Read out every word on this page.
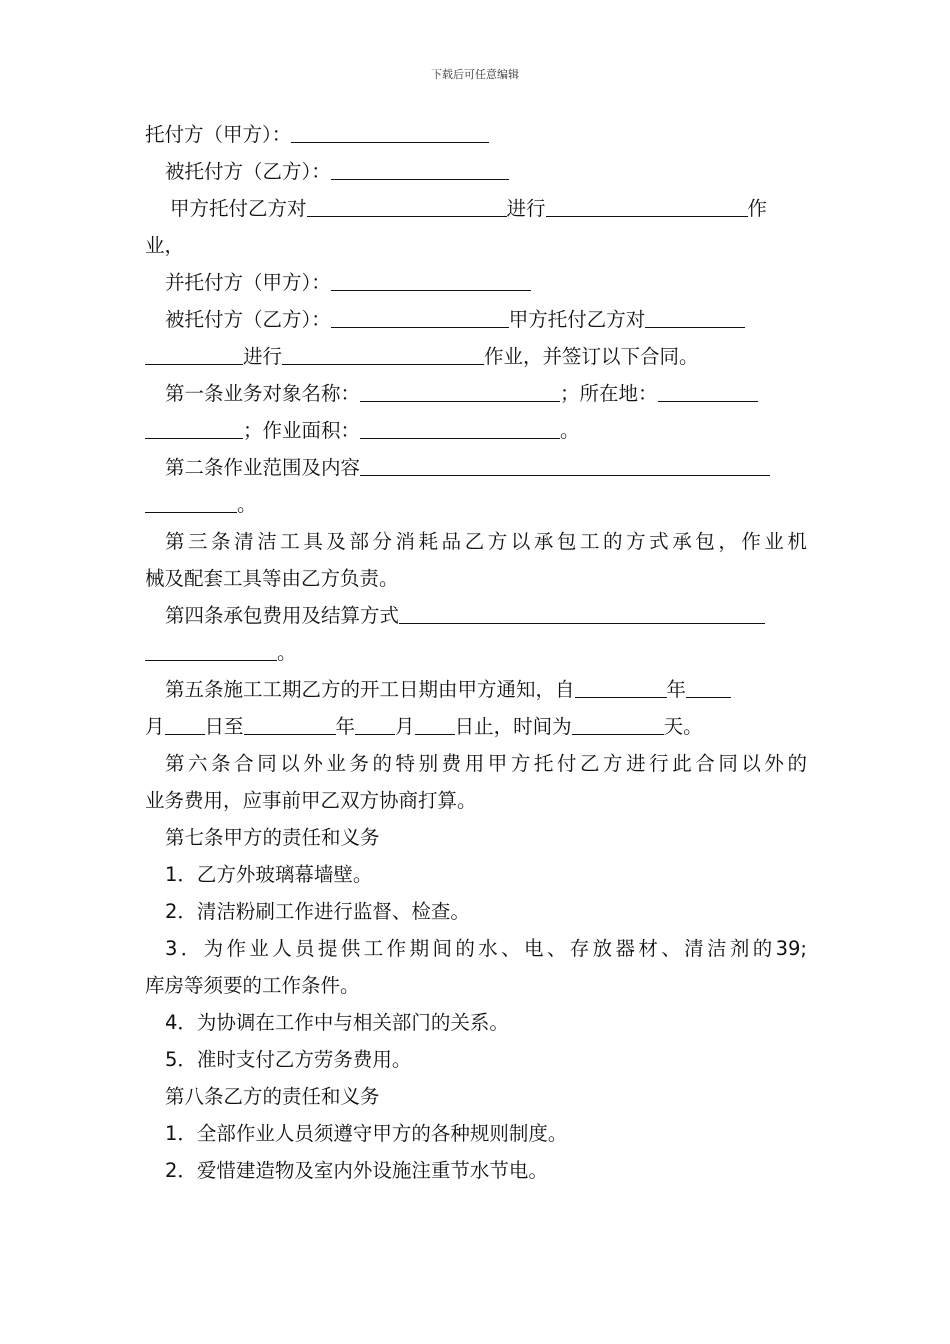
下载后可任意编辑
托付方（甲方）：
被托付方（乙方）：
甲方托付乙方对	进行	作
业，
并托付方（甲方）：
被托付方（乙方）：	甲方托付乙方对
进行	作业，并签订以下合同。
第一条业务对象名称：	；所在地：
；作业面积：	。
第二条作业范围及内容
。
第三条清洁工具及部分消耗品乙方以承包工的方式承包，作业机
械及配套工具等由乙方负责。
第四条承包费用及结算方式
。
第五条施工工期乙方的开工日期由甲方通知，自	年
月 日至	年 月 日止，时间为	天。
第六条合同以外业务的特别费用甲方托付乙方进行此合同以外的
业务费用，应事前甲乙双方协商打算。
第七条甲方的责任和义务
1．乙方外玻璃幕墙壁。
2．清洁粉刷工作进行监督、检查。
3．为作业人员提供工作期间的水、电、存放器材、清洁剂的39;
库房等须要的工作条件。
4．为协调在工作中与相关部门的关系。
5．准时支付乙方劳务费用。
第八条乙方的责任和义务
1．全部作业人员须遵守甲方的各种规则制度。
2．爱惜建造物及室内外设施注重节水节电。
